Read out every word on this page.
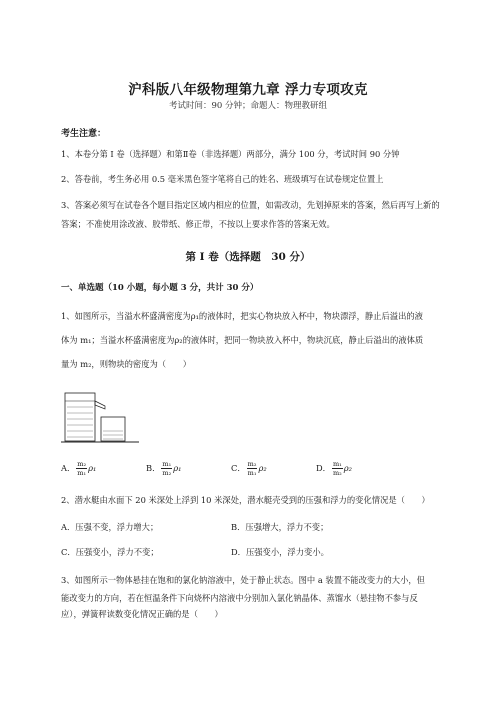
沪科版八年级物理第九章 浮力专项攻克
考试时间：90 分钟；命题人：物理教研组
考生注意：
1、本卷分第 I 卷（选择题）和第Ⅱ卷（非选择题）两部分，满分 100 分，考试时间 90 分钟
2、答卷前，考生务必用 0.5 毫米黑色签字笔将自己的姓名、班级填写在试卷规定位置上
3、答案必须写在试卷各个题目指定区域内相应的位置，如需改动，先划掉原来的答案，然后再写上新的答案；不准使用涂改液、胶带纸、修正带，不按以上要求作答的答案无效。
第 I 卷（选择题　30 分）
一、单选题（10 小题，每小题 3 分，共计 30 分）
1、如图所示，当溢水杯盛满密度为ρ₁的液体时，把实心物块放入杯中，物块漂浮，静止后溢出的液
体为 m₁；当溢水杯盛满密度为ρ₂的液体时，把同一物块放入杯中，物块沉底，静止后溢出的液体质
量为 m₂，则物块的密度为（　　）
A． $\frac{\text{m₂}}{\text{m₁}} \rho_1$	B． $\frac{\text{m₁}}{\text{m₂}} \rho_1$	C． $\frac{\text{m₂}}{\text{m₁}} \rho_2$	D． $\frac{\text{m₁}}{\text{m₂}} \rho_2$
2、潜水艇由水面下 20 米深处上浮到 10 米深处，潜水艇壳受到的压强和浮力的变化情况是（　　）
A．压强不变，浮力增大；	B．压强增大，浮力不变；
C．压强变小，浮力不变；	D．压强变小，浮力变小。
3、如图所示一物体悬挂在饱和的氯化钠溶液中，处于静止状态。图中 a 装置不能改变力的大小，但
能改变力的方向，若在恒温条件下向烧杯内溶液中分别加入氯化钠晶体、蒸馏水（悬挂物不参与反
应），弹簧秤读数变化情况正确的是（　　）
